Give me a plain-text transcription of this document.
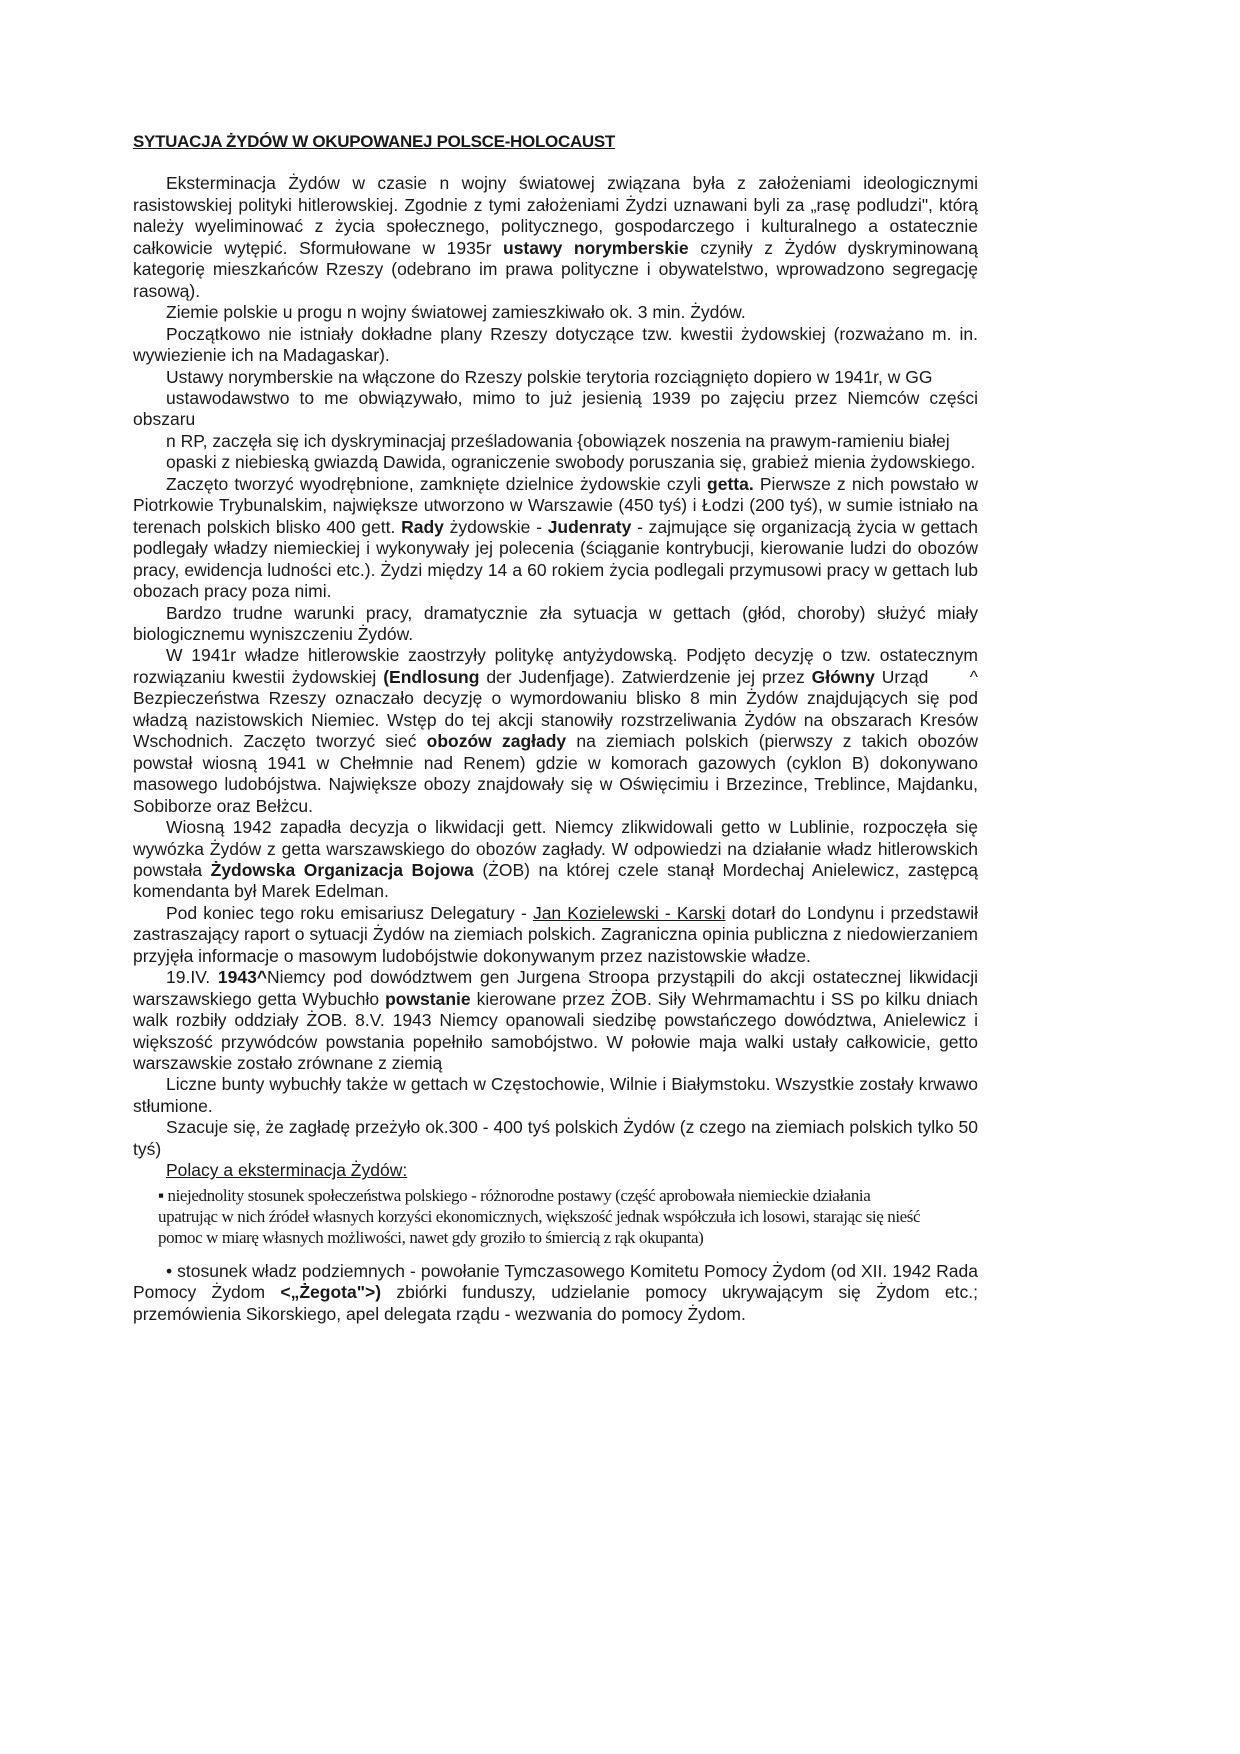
SYTUACJA ŻYDÓW W OKUPOWANEJ POLSCE-HOLOCAUST

Eksterminacja Żydów w czasie n wojny światowej związana była z założeniami ideologicznymi rasistowskiej polityki hitlerowskiej. Zgodnie z tymi założeniami Żydzi uznawani byli za „rasę podludzi", którą należy wyeliminować z życia społecznego, politycznego, gospodarczego i kulturalnego a ostatecznie całkowicie wytępić. Sformułowane w 1935r ustawy norymberskie czyniły z Żydów dyskryminowaną kategorię mieszkańców Rzeszy (odebrano im prawa polityczne i obywatelstwo, wprowadzono segregację rasową).

Ziemie polskie u progu n wojny światowej zamieszkiwało ok. 3 min. Żydów.

Początkowo nie istniały dokładne plany Rzeszy dotyczące tzw. kwestii żydowskiej (rozważano m. in. wywiezienie ich na Madagaskar).

Ustawy norymberskie na włączone do Rzeszy polskie terytoria rozciągnięto dopiero w 1941r, w GG

ustawodawstwo to me obwiązywało, mimo to już jesienią 1939 po zajęciu przez Niemców części obszaru

n RP, zaczęła się ich dyskryminacjaj prześladowania {obowiązek noszenia na prawym-ramieniu białej

opaski z niebieską gwiazdą Dawida, ograniczenie swobody poruszania się, grabież mienia żydowskiego.

Zaczęto tworzyć wyodrębnione, zamknięte dzielnice żydowskie czyli getta. Pierwsze z nich powstało w Piotrkowie Trybunalskim, największe utworzono w Warszawie (450 tyś) i Łodzi (200 tyś), w sumie istniało na terenach polskich blisko 400 gett. Rady żydowskie - Judenraty - zajmujące się organizacją życia w gettach podlegały władzy niemieckiej i wykonywały jej polecenia (ściąganie kontrybucji, kierowanie ludzi do obozów pracy, ewidencja ludności etc.). Żydzi między 14 a 60 rokiem życia podlegali przymusowi pracy w gettach lub obozach pracy poza nimi.

Bardzo trudne warunki pracy, dramatycznie zła sytuacja w gettach (głód, choroby) służyć miały biologicznemu wyniszczeniu Żydów.

W 1941r władze hitlerowskie zaostrzyły politykę antyżydowską. Podjęto decyzję o tzw. ostatecznym rozwiązaniu kwestii żydowskiej (Endlosung der Judenfjage). Zatwierdzenie jej przez Główny Urząd      ^ Bezpieczeństwa Rzeszy oznaczało decyzję o wymordowaniu blisko 8 min Żydów znajdujących się pod władzą nazistowskich Niemiec. Wstęp do tej akcji stanowiły rozstrzeliwania Żydów na obszarach Kresów Wschodnich. Zaczęto tworzyć sieć obozów zagłady na ziemiach polskich (pierwszy z takich obozów powstał wiosną 1941 w Chełmnie nad Renem) gdzie w komorach gazowych (cyklon B) dokonywano masowego ludobójstwa. Największe obozy znajdowały się w Oświęcimiu i Brzezince, Treblince, Majdanku, Sobiborze oraz Bełżcu.

Wiosną 1942 zapadła decyzja o likwidacji gett. Niemcy zlikwidowali getto w Lublinie, rozpoczęła się wywózka Żydów z getta warszawskiego do obozów zagłady. W odpowiedzi na działanie władz hitlerowskich powstała Żydowska Organizacja Bojowa (ŻOB) na której czele stanął Mordechaj Anielewicz, zastępcą komendanta był Marek Edelman.

Pod koniec tego roku emisariusz Delegatury - Jan Kozielewski - Karski dotarł do Londynu i przedstawił zastraszający raport o sytuacji Żydów na ziemiach polskich. Zagraniczna opinia publiczna z niedowierzaniem przyjęła informacje o masowym ludobójstwie dokonywanym przez nazistowskie władze.

19.IV. 1943^Niemcy pod dowództwem gen Jurgena Stroopa przystąpili do akcji ostatecznej likwidacji warszawskiego getta Wybuchło powstanie kierowane przez ŻOB. Siły Wehrmamachtu i SS po kilku dniach walk rozbiły oddziały ŻOB. 8.V. 1943 Niemcy opanowali siedzibę powstańczego dowództwa, Anielewicz i większość przywódców powstania popełniło samobójstwo. W połowie maja walki ustały całkowicie, getto warszawskie zostało zrównane z ziemią

Liczne bunty wybuchły także w gettach w Częstochowie, Wilnie i Białymstoku. Wszystkie zostały krwawo stłumione.

Szacuje się, że zagładę przeżyło ok.300 - 400 tyś polskich Żydów (z czego na ziemiach polskich tylko 50 tyś)

Polacy a eksterminacja Żydów:

▪ niejednolity stosunek społeczeństwa polskiego - różnorodne postawy (część aprobowała niemieckie działania upatrując w nich źródeł własnych korzyści ekonomicznych, większość jednak współczuła ich losowi, starając się nieść pomoc w miarę własnych możliwości, nawet gdy groziło to śmiercią z rąk okupanta)

• stosunek władz podziemnych - powołanie Tymczasowego Komitetu Pomocy Żydom (od XII. 1942 Rada Pomocy Żydom <„Żegota">) zbiórki funduszy, udzielanie pomocy ukrywającym się Żydom etc.; przemówienia Sikorskiego, apel delegata rządu - wezwania do pomocy Żydom.
